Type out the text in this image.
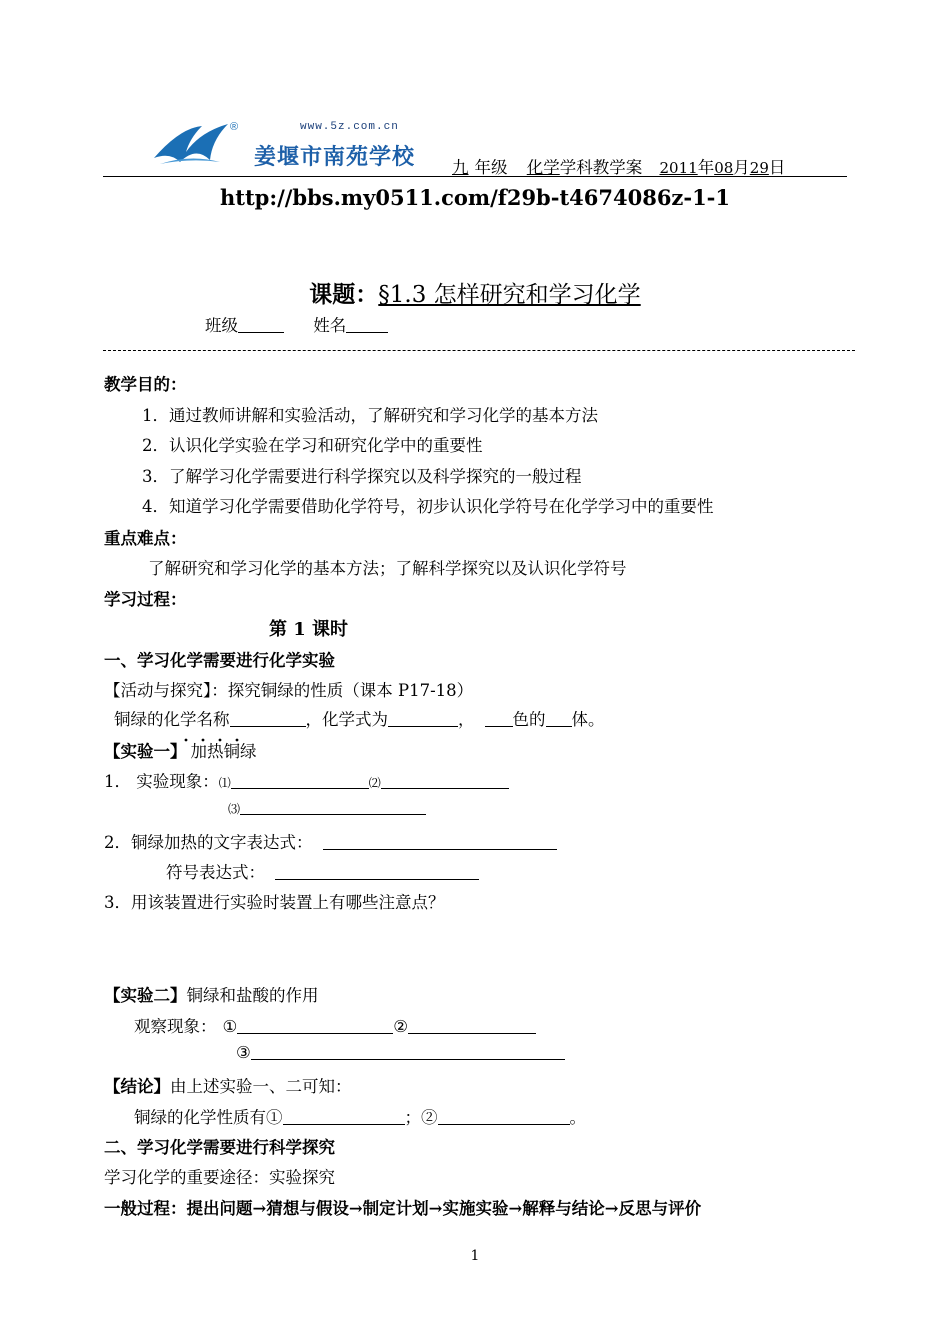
®	www.5z.com.cn
姜堰市南苑学校	九 年级 化学学科教学案 2011年08月29日
http://bbs.my0511.com/f29b-t4674086z-1-1
课题：§1.3 怎样研究和学习化学
班级	姓名
教学目的：
1．通过教师讲解和实验活动，了解研究和学习化学的基本方法
2．认识化学实验在学习和研究化学中的重要性
3．了解学习化学需要进行科学探究以及科学探究的一般过程
4．知道学习化学需要借助化学符号，初步认识化学符号在化学学习中的重要性
重点难点：
了解研究和学习化学的基本方法；了解科学探究以及认识化学符号
学习过程：
第 1 课时
一、学习化学需要进行化学实验
【活动与探究】：探究铜绿的性质（课本 P17-18）
铜绿的化学名称	，化学式为	， 色的 体。
【实验一】 加热铜绿
1． 实验现象：⑴	⑵
⑶
2．铜绿加热的文字表达式：
符号表达式：
3．用该装置进行实验时装置上有哪些注意点？
【实验二】铜绿和盐酸的作用
观察现象： ①	②
③
【结论】由上述实验一、二可知：
铜绿的化学性质有①	；②	。
二、学习化学需要进行科学探究
学习化学的重要途径：实验探究
一般过程：提出问题→猜想与假设→制定计划→实施实验→解释与结论→反思与评价
1
